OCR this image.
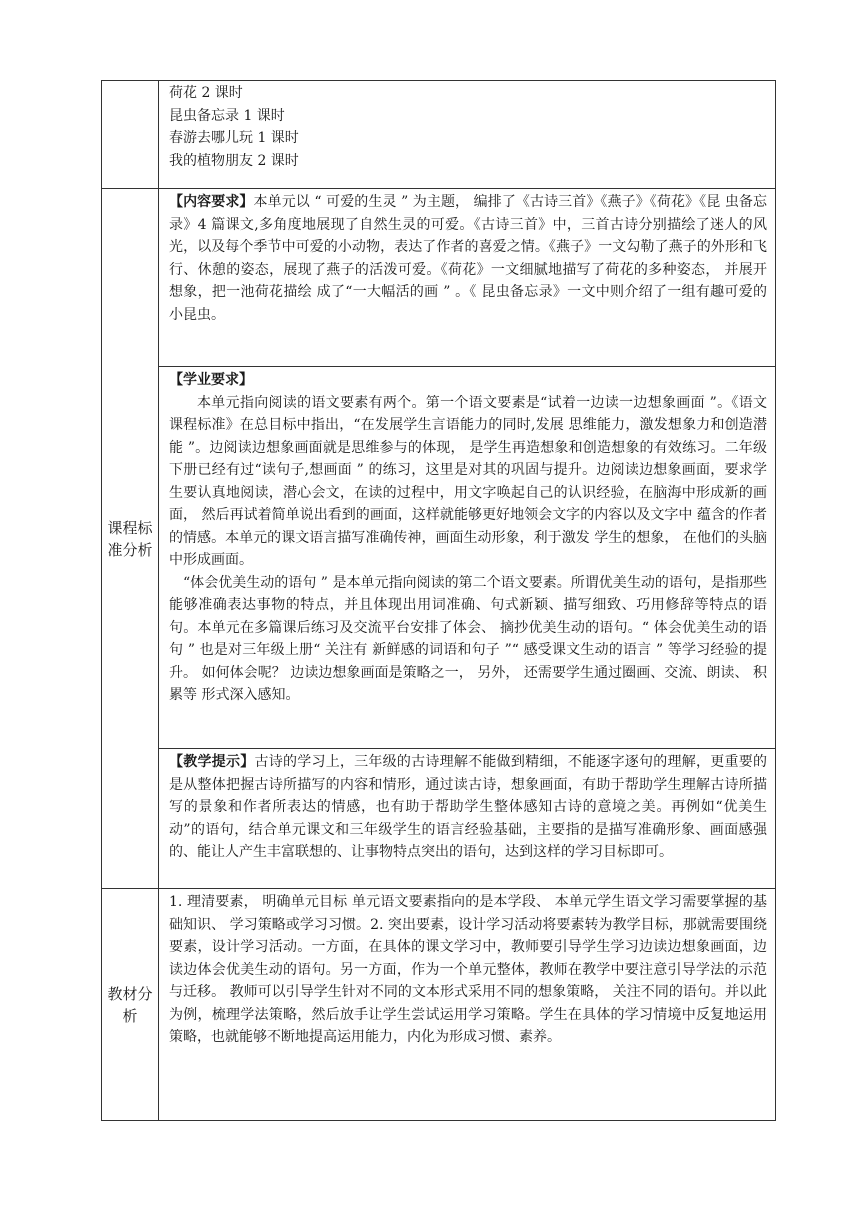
	荷花 2 课时
昆虫备忘录 1 课时
春游去哪儿玩 1 课时
我的植物朋友 2 课时

课程标准分析	【内容要求】本单元以 “ 可爱的生灵 ” 为主题， 编排了《古诗三首》《燕子》《荷花》《昆 虫备忘录》4 篇课文,多角度地展现了自然生灵的可爱。《古诗三首》中，三首古诗分别描绘了迷人的风光，以及每个季节中可爱的小动物，表达了作者的喜爱之情。《燕子》一文勾勒了燕子的外形和飞行、休憩的姿态，展现了燕子的活泼可爱。《荷花》一文细腻地描写了荷花的多种姿态， 并展开想象，把一池荷花描绘 成了“一大幅活的画 ” 。《 昆虫备忘录》一文中则介绍了一组有趣可爱的小昆虫。

	【学业要求】

本单元指向阅读的语文要素有两个。第一个语文要素是“试着一边读一边想象画面 ”。《语文课程标准》在总目标中指出，“在发展学生言语能力的同时,发展 思维能力，激发想象力和创造潜能 ”。边阅读边想象画面就是思维参与的体现， 是学生再造想象和创造想象的有效练习。二年级下册已经有过“读句子,想画面 ” 的练习，这里是对其的巩固与提升。边阅读边想象画面，要求学生要认真地阅读，潜心会文，在读的过程中，用文字唤起自己的认识经验，在脑海中形成新的画面， 然后再试着简单说出看到的画面，这样就能够更好地领会文字的内容以及文字中 蕴含的作者的情感。本单元的课文语言描写准确传神，画面生动形象，利于激发 学生的想象， 在他们的头脑中形成画面。

“体会优美生动的语句 ” 是本单元指向阅读的第二个语文要素。所谓优美生动的语句，是指那些能够准确表达事物的特点，并且体现出用词准确、句式新颖、描写细致、巧用修辞等特点的语句。本单元在多篇课后练习及交流平台安排了体会、 摘抄优美生动的语句。“ 体会优美生动的语句 ” 也是对三年级上册“ 关注有 新鲜感的词语和句子 ”“ 感受课文生动的语言 ” 等学习经验的提升。 如何体会呢？ 边读边想象画面是策略之一， 另外， 还需要学生通过圈画、交流、朗读、 积累等 形式深入感知。

	【教学提示】古诗的学习上，三年级的古诗理解不能做到精细，不能逐字逐句的理解，更重要的是从整体把握古诗所描写的内容和情形，通过读古诗，想象画面，有助于帮助学生理解古诗所描写的景象和作者所表达的情感，也有助于帮助学生整体感知古诗的意境之美。再例如“优美生动”的语句，结合单元课文和三年级学生的语言经验基础，主要指的是描写准确形象、画面感强的、能让人产生丰富联想的、让事物特点突出的语句，达到这样的学习目标即可。

教材分析	1. 理清要素， 明确单元目标 单元语文要素指向的是本学段、 本单元学生语文学习需要掌握的基础知识、 学习策略或学习习惯。2. 突出要素，设计学习活动将要素转为教学目标，那就需要围绕要素，设计学习活动。一方面，在具体的课文学习中，教师要引导学生学习边读边想象画面，边读边体会优美生动的语句。另一方面，作为一个单元整体，教师在教学中要注意引导学法的示范与迁移。 教师可以引导学生针对不同的文本形式采用不同的想象策略， 关注不同的语句。并以此为例，梳理学法策略，然后放手让学生尝试运用学习策略。学生在具体的学习情境中反复地运用策略，也就能够不断地提高运用能力，内化为形成习惯、素养。
